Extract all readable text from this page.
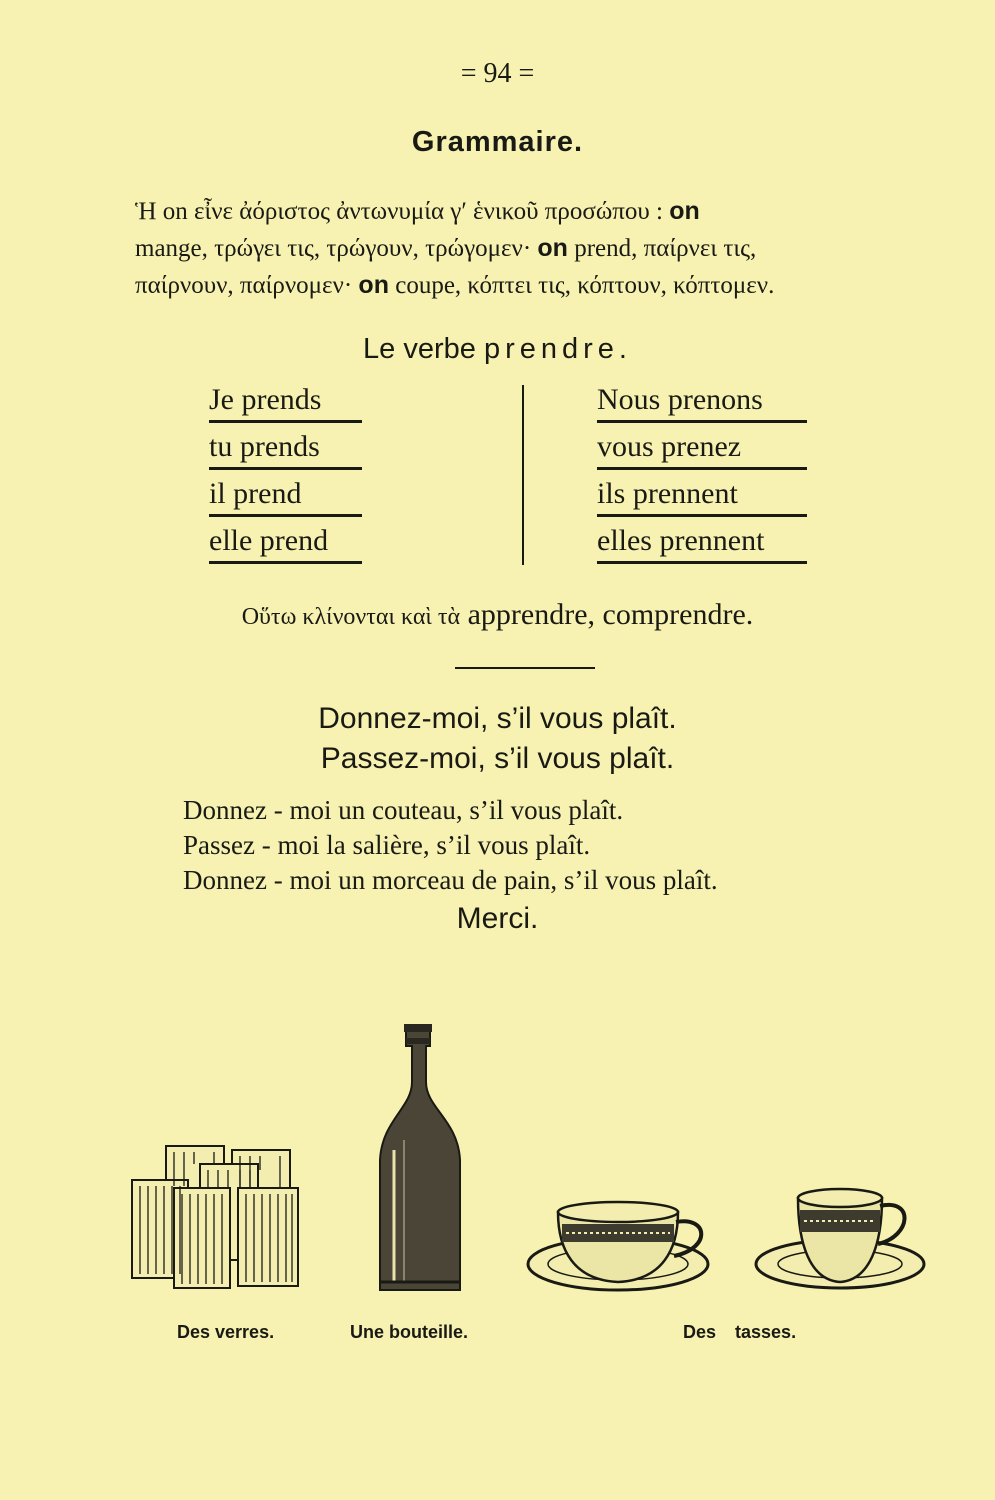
= 94 =
Grammaire.
Ἡ on εἶνε ἀόριστος ἀντωνυμία γ′ ἑνικοῦ προσώπου : on
mange, τρώγει τις, τρώγουν, τρώγομεν· on prend, παίρνει τις,
παίρνουν, παίρνομεν· on coupe, κόπτει τις, κόπτουν, κόπτομεν.
Le verbe prendre.
Je prends
tu prends
il prend
elle prend
Nous prenons
vous prenez
ils prennent
elles prennent
Οὕτω κλίνονται καὶ τὰ apprendre, comprendre.
Donnez-moi, s’il vous plaît.
Passez-moi, s’il vous plaît.
Donnez - moi un couteau, s’il vous plaît.
Passez - moi la salière, s’il vous plaît.
Donnez - moi un morceau de pain, s’il vous plaît.
Merci.
Des verres.	Une bouteille.	Des tasses.
